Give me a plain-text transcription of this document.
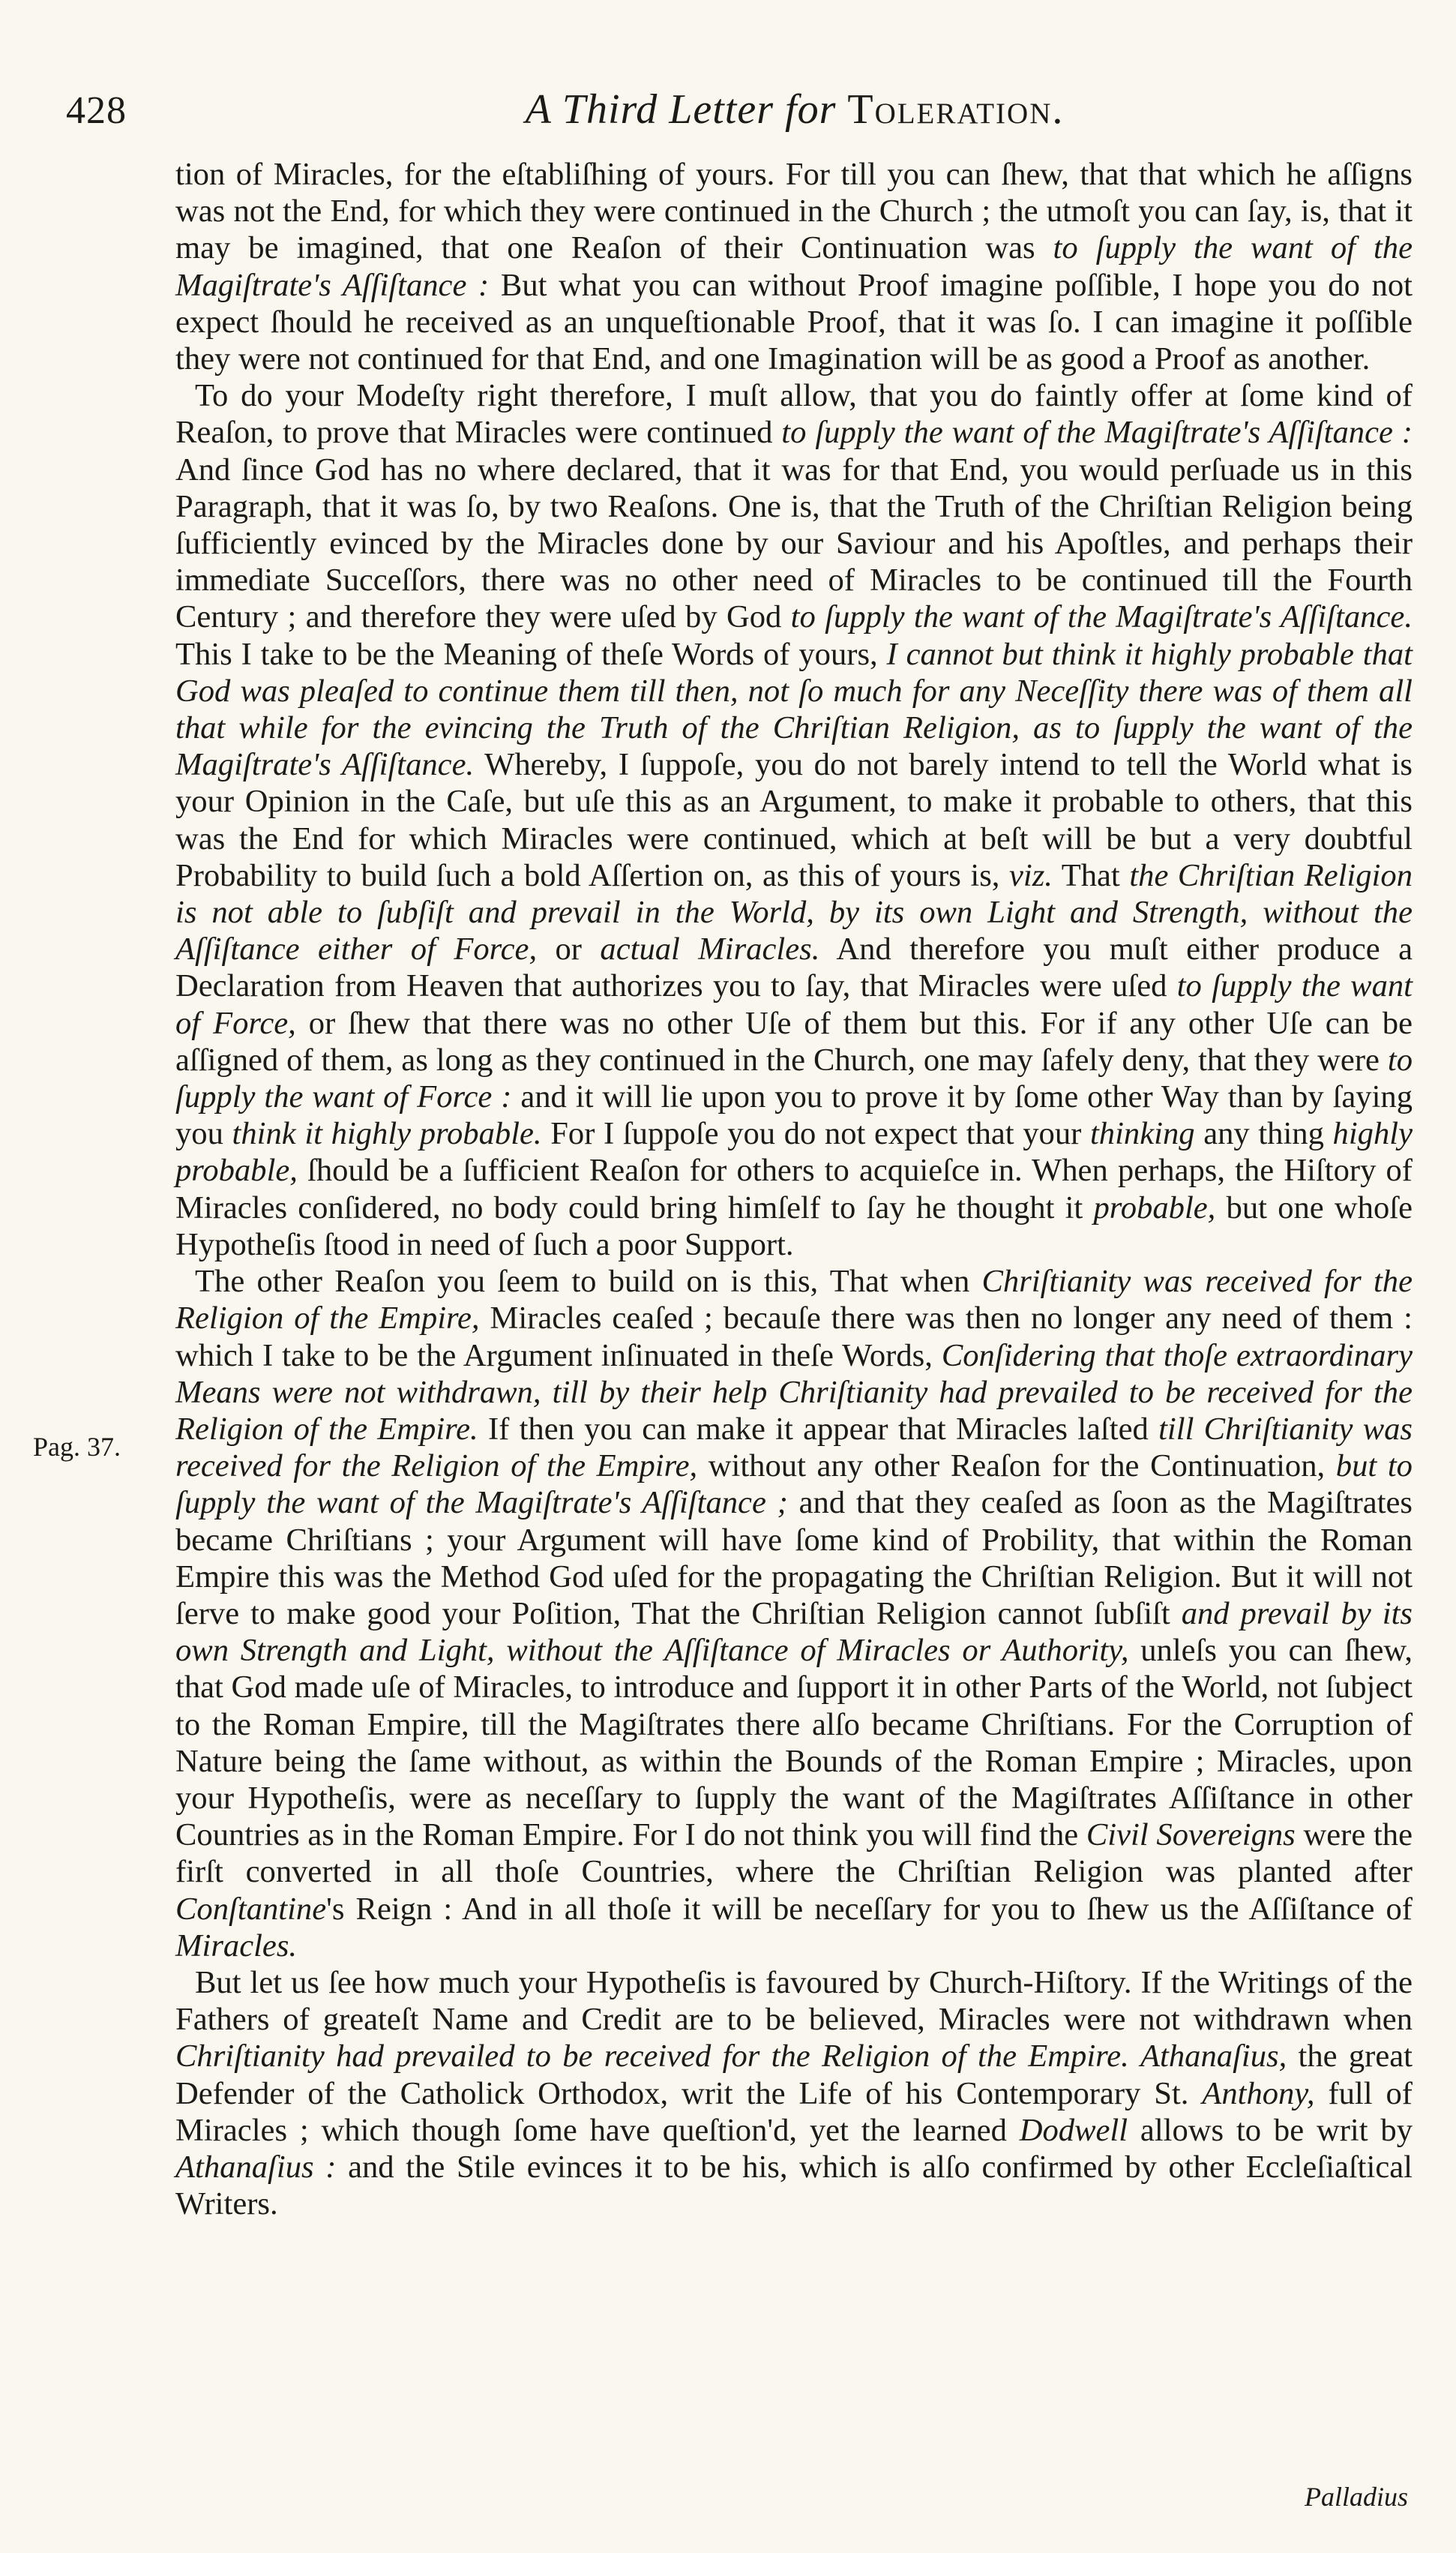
428	A Third Letter for Toleration.
Pag. 37.

tion of Miracles, for the eſtabliſhing of yours. For till you can ſhew, that that which he aſſigns was not the End, for which they were continued in the Church ; the utmoſt you can ſay, is, that it may be imagined, that one Reaſon of their Continuation was to ſupply the want of the Magiſtrate's Aſſiſtance : But what you can without Proof imagine poſſible, I hope you do not expect ſhould he received as an unqueſtionable Proof, that it was ſo. I can imagine it poſſible they were not continued for that End, and one Imagination will be as good a Proof as another.

To do your Modeſty right therefore, I muſt allow, that you do faintly offer at ſome kind of Reaſon, to prove that Miracles were continued to ſupply the want of the Magiſtrate's Aſſiſtance : And ſince God has no where declared, that it was for that End, you would perſuade us in this Paragraph, that it was ſo, by two Reaſons. One is, that the Truth of the Chriſtian Religion being ſufficiently evinced by the Miracles done by our Saviour and his Apoſtles, and perhaps their immediate Succeſſors, there was no other need of Miracles to be continued till the Fourth Century ; and therefore they were uſed by God to ſupply the want of the Magiſtrate's Aſſiſtance. This I take to be the Meaning of theſe Words of yours, I cannot but think it highly probable that God was pleaſed to continue them till then, not ſo much for any Neceſſity there was of them all that while for the evincing the Truth of the Chriſtian Religion, as to ſupply the want of the Magiſtrate's Aſſiſtance. Whereby, I ſuppoſe, you do not barely intend to tell the World what is your Opinion in the Caſe, but uſe this as an Argument, to make it probable to others, that this was the End for which Miracles were continued, which at beſt will be but a very doubtful Probability to build ſuch a bold Aſſertion on, as this of yours is, viz. That the Chriſtian Religion is not able to ſubſiſt and prevail in the World, by its own Light and Strength, without the Aſſiſtance either of Force, or actual Miracles. And therefore you muſt either produce a Declaration from Heaven that authorizes you to ſay, that Miracles were uſed to ſupply the want of Force, or ſhew that there was no other Uſe of them but this. For if any other Uſe can be aſſigned of them, as long as they continued in the Church, one may ſafely deny, that they were to ſupply the want of Force : and it will lie upon you to prove it by ſome other Way than by ſaying you think it highly probable. For I ſuppoſe you do not expect that your thinking any thing highly probable, ſhould be a ſufficient Reaſon for others to acquieſce in. When perhaps, the Hiſtory of Miracles conſidered, no body could bring himſelf to ſay he thought it probable, but one whoſe Hypotheſis ſtood in need of ſuch a poor Support.

The other Reaſon you ſeem to build on is this, That when Chriſtianity was received for the Religion of the Empire, Miracles ceaſed ; becauſe there was then no longer any need of them : which I take to be the Argument inſinuated in theſe Words, Conſidering that thoſe extraordinary Means were not withdrawn, till by their help Chriſtianity had prevailed to be received for the Religion of the Empire. If then you can make it appear that Miracles laſted till Chriſtianity was received for the Religion of the Empire, without any other Reaſon for the Continuation, but to ſupply the want of the Magiſtrate's Aſſiſtance ; and that they ceaſed as ſoon as the Magiſtrates became Chriſtians ; your Argument will have ſome kind of Probility, that within the Roman Empire this was the Method God uſed for the propagating the Chriſtian Religion. But it will not ſerve to make good your Poſition, That the Chriſtian Religion cannot ſubſiſt and prevail by its own Strength and Light, without the Aſſiſtance of Miracles or Authority, unleſs you can ſhew, that God made uſe of Miracles, to introduce and ſupport it in other Parts of the World, not ſubject to the Roman Empire, till the Magiſtrates there alſo became Chriſtians. For the Corruption of Nature being the ſame without, as within the Bounds of the Roman Empire ; Miracles, upon your Hypotheſis, were as neceſſary to ſupply the want of the Magiſtrates Aſſiſtance in other Countries as in the Roman Empire. For I do not think you will find the Civil Sovereigns were the firſt converted in all thoſe Countries, where the Chriſtian Religion was planted after Conſtantine's Reign : And in all thoſe it will be neceſſary for you to ſhew us the Aſſiſtance of Miracles.

But let us ſee how much your Hypotheſis is favoured by Church-Hiſtory. If the Writings of the Fathers of greateſt Name and Credit are to be believed, Miracles were not withdrawn when Chriſtianity had prevailed to be received for the Religion of the Empire. Athanaſius, the great Defender of the Catholick Orthodox, writ the Life of his Contemporary St. Anthony, full of Miracles ; which though ſome have queſtion'd, yet the learned Dodwell allows to be writ by Athanaſius : and the Stile evinces it to be his, which is alſo confirmed by other Eccleſiaſtical Writers.

Palladius
